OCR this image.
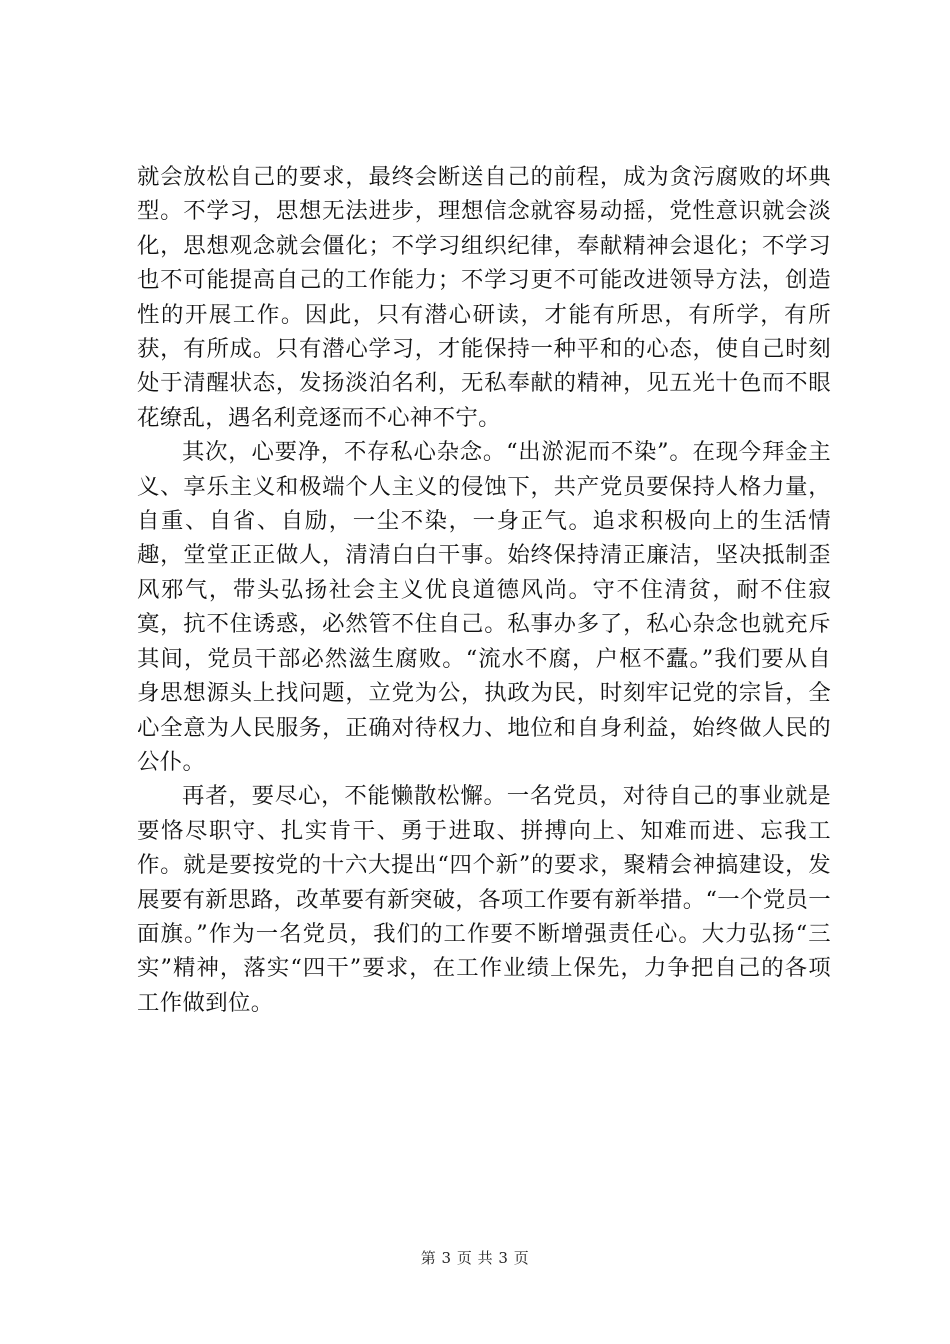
就会放松自己的要求，最终会断送自己的前程，成为贪污腐败的坏典型。不学习，思想无法进步，理想信念就容易动摇，党性意识就会淡化，思想观念就会僵化；不学习组织纪律，奉献精神会退化；不学习也不可能提高自己的工作能力；不学习更不可能改进领导方法，创造性的开展工作。因此，只有潜心研读，才能有所思，有所学，有所获，有所成。只有潜心学习，才能保持一种平和的心态，使自己时刻处于清醒状态，发扬淡泊名利，无私奉献的精神，见五光十色而不眼花缭乱，遇名利竞逐而不心神不宁。

其次，心要净，不存私心杂念。“出淤泥而不染”。在现今拜金主义、享乐主义和极端个人主义的侵蚀下，共产党员要保持人格力量，自重、自省、自励，一尘不染，一身正气。追求积极向上的生活情趣，堂堂正正做人，清清白白干事。始终保持清正廉洁，坚决抵制歪风邪气，带头弘扬社会主义优良道德风尚。守不住清贫，耐不住寂寞，抗不住诱惑，必然管不住自己。私事办多了，私心杂念也就充斥其间，党员干部必然滋生腐败。“流水不腐，户枢不蠹。”我们要从自身思想源头上找问题，立党为公，执政为民，时刻牢记党的宗旨，全心全意为人民服务，正确对待权力、地位和自身利益，始终做人民的公仆。

再者，要尽心，不能懒散松懈。一名党员，对待自己的事业就是要恪尽职守、扎实肯干、勇于进取、拼搏向上、知难而进、忘我工作。就是要按党的十六大提出“四个新”的要求，聚精会神搞建设，发展要有新思路，改革要有新突破，各项工作要有新举措。“一个党员一面旗。”作为一名党员，我们的工作要不断增强责任心。大力弘扬“三实”精神，落实“四干”要求，在工作业绩上保先，力争把自己的各项工作做到位。

第 3 页 共 3 页
